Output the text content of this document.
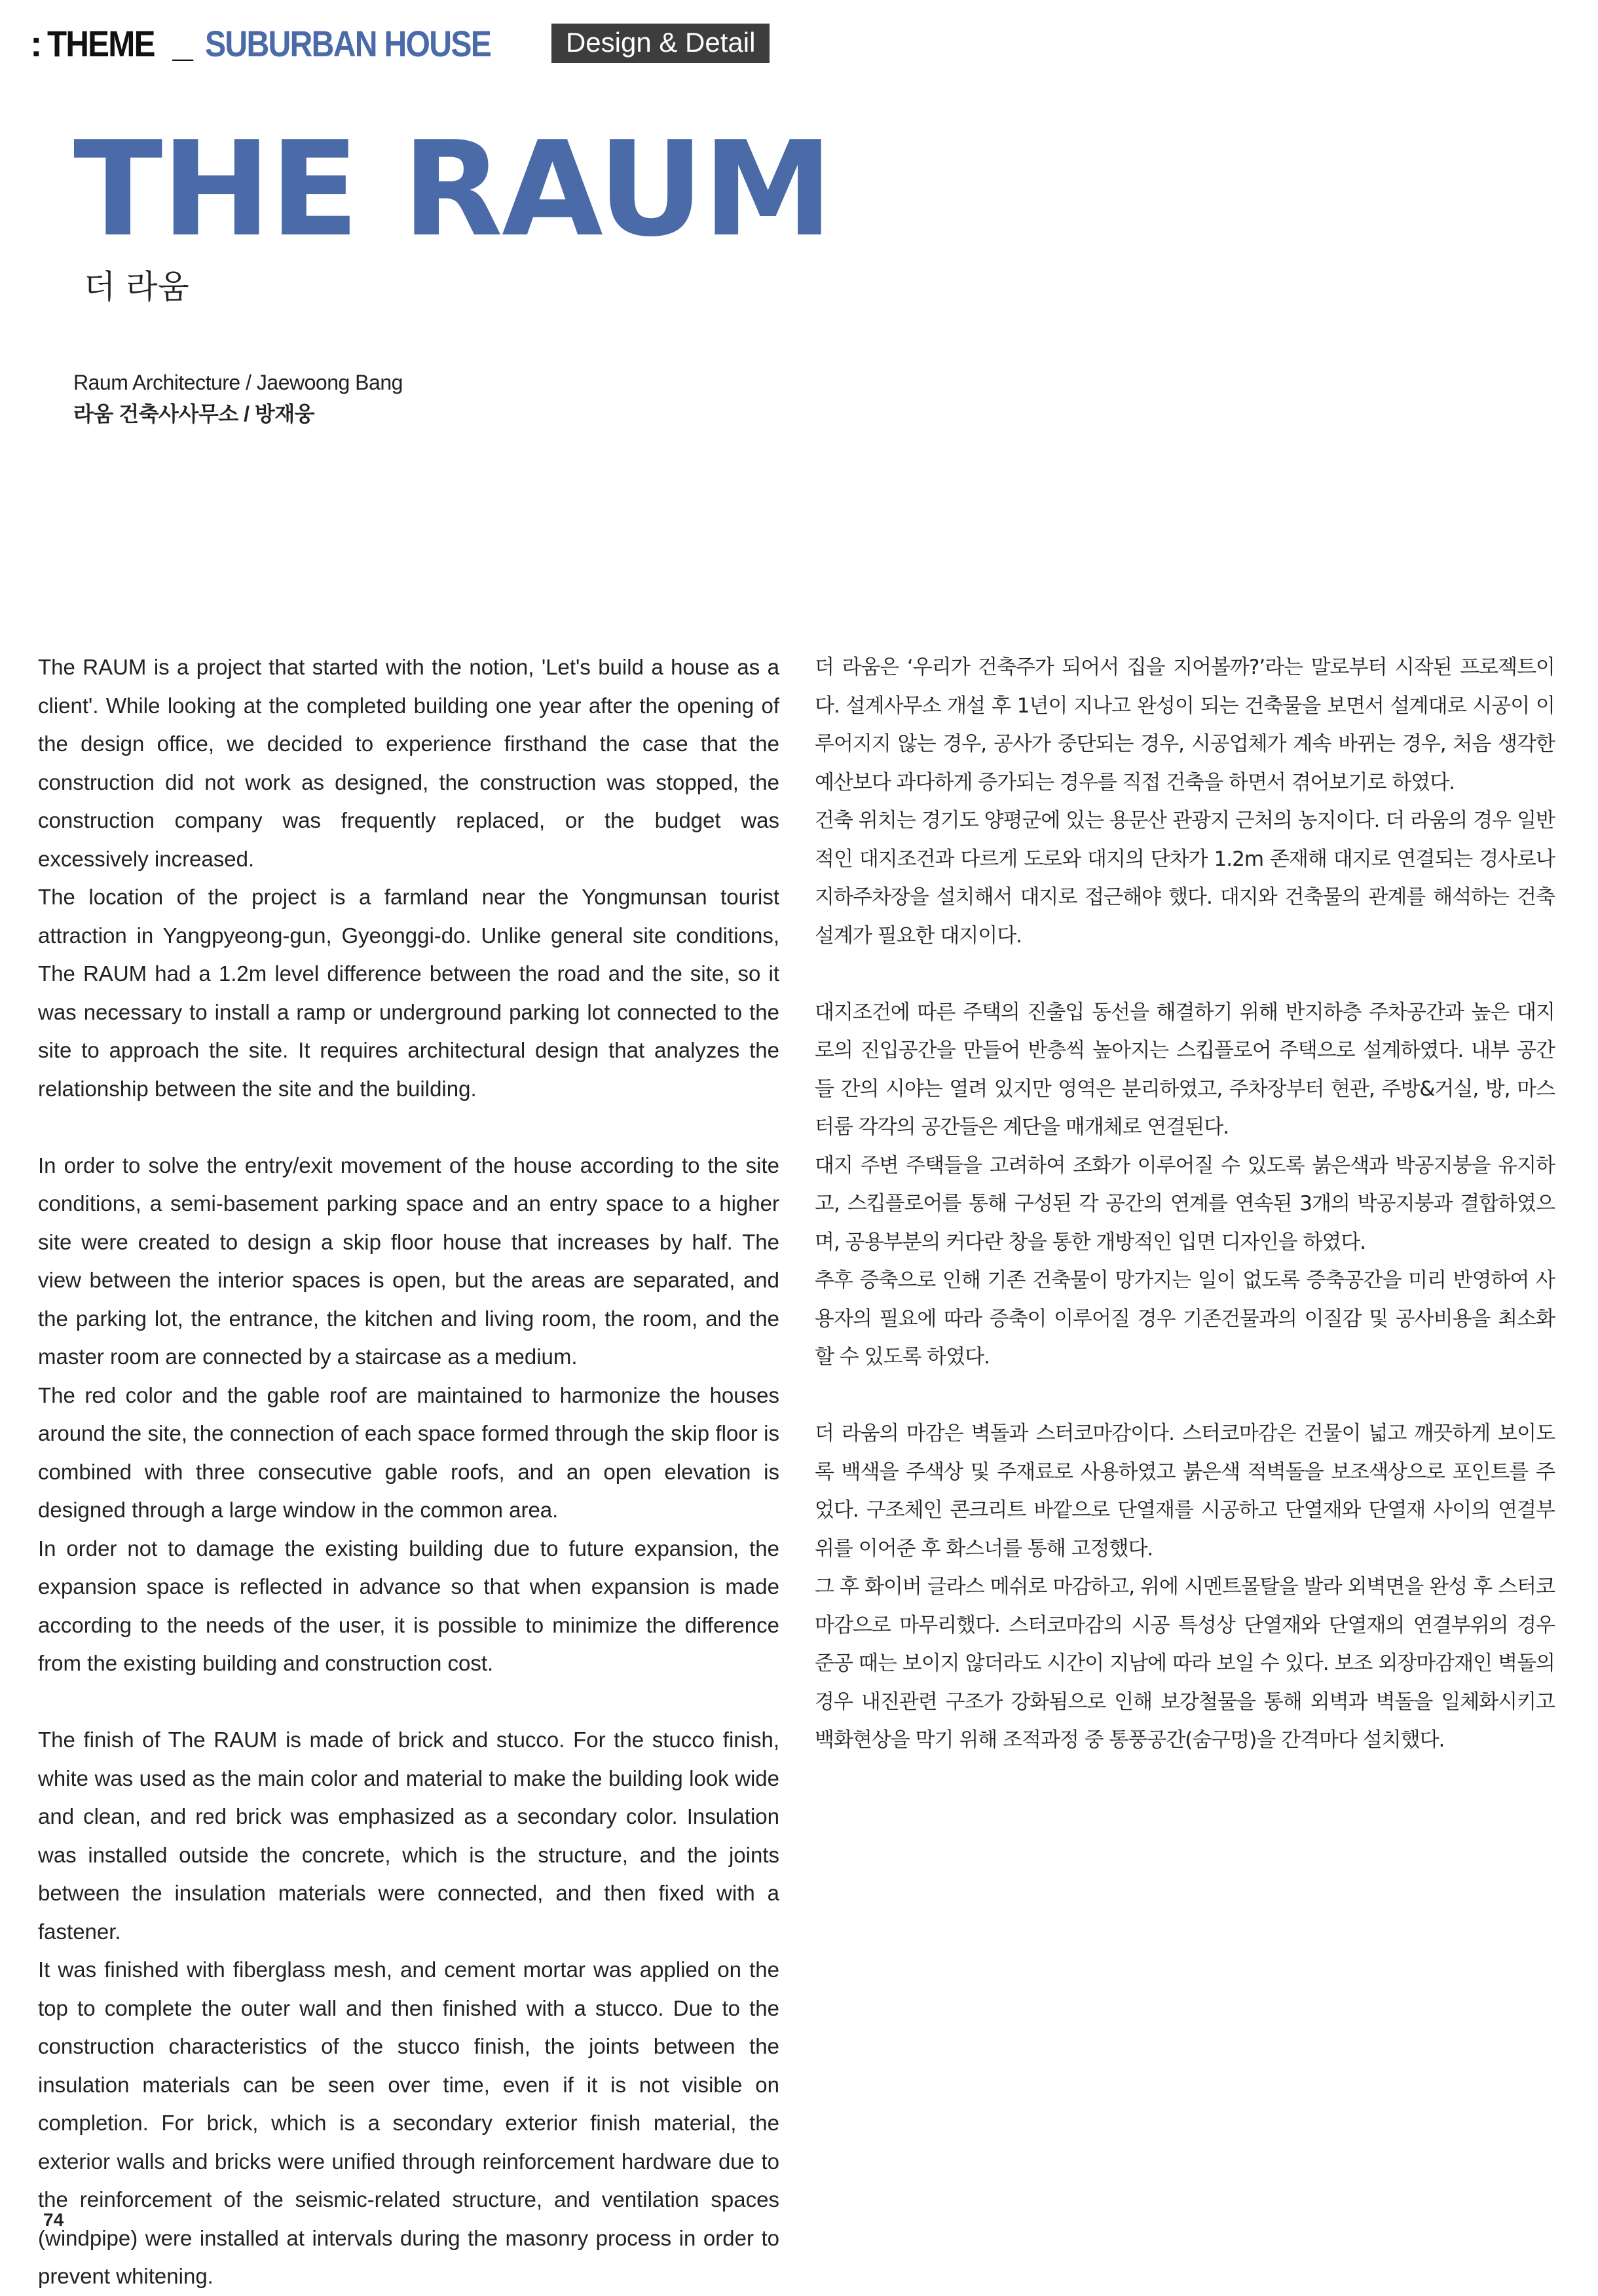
: THEME _ SUBURBAN HOUSE	Design & Detail
THE RAUM
더 라움
Raum Architecture / Jaewoong Bang
라움 건축사사무소 / 방재웅

The RAUM is a project that started with the notion, 'Let's build a house as a client'. While looking at the completed building one year after the opening of the design office, we decided to experience firsthand the case that the construction did not work as designed, the construction was stopped, the construction company was frequently replaced, or the budget was excessively increased.

The location of the project is a farmland near the Yongmunsan tourist attraction in Yangpyeong-gun, Gyeonggi-do. Unlike general site conditions, The RAUM had a 1.2m level difference between the road and the site, so it was necessary to install a ramp or underground parking lot connected to the site to approach the site. It requires architectural design that analyzes the relationship between the site and the building.

In order to solve the entry/exit movement of the house according to the site conditions, a semi-basement parking space and an entry space to a higher site were created to design a skip floor house that increases by half. The view between the interior spaces is open, but the areas are separated, and the parking lot, the entrance, the kitchen and living room, the room, and the master room are connected by a staircase as a medium.

The red color and the gable roof are maintained to harmonize the houses around the site, the connection of each space formed through the skip floor is combined with three consecutive gable roofs, and an open elevation is designed through a large window in the common area.

In order not to damage the existing building due to future expansion, the expansion space is reflected in advance so that when expansion is made according to the needs of the user, it is possible to minimize the difference from the existing building and construction cost.

The finish of The RAUM is made of brick and stucco. For the stucco finish, white was used as the main color and material to make the building look wide and clean, and red brick was emphasized as a secondary color. Insulation was installed outside the concrete, which is the structure, and the joints between the insulation materials were connected, and then fixed with a fastener.

It was finished with fiberglass mesh, and cement mortar was applied on the top to complete the outer wall and then finished with a stucco. Due to the construction characteristics of the stucco finish, the joints between the insulation materials can be seen over time, even if it is not visible on completion. For brick, which is a secondary exterior finish material, the exterior walls and bricks were unified through reinforcement hardware due to the reinforcement of the seismic-related structure, and ventilation spaces (windpipe) were installed at intervals during the masonry process in order to prevent whitening.

더 라움은 ‘우리가 건축주가 되어서 집을 지어볼까?’라는 말로부터 시작된 프로젝트이다. 설계사무소 개설 후 1년이 지나고 완성이 되는 건축물을 보면서 설계대로 시공이 이루어지지 않는 경우, 공사가 중단되는 경우, 시공업체가 계속 바뀌는 경우, 처음 생각한 예산보다 과다하게 증가되는 경우를 직접 건축을 하면서 겪어보기로 하였다.

건축 위치는 경기도 양평군에 있는 용문산 관광지 근처의 농지이다. 더 라움의 경우 일반적인 대지조건과 다르게 도로와 대지의 단차가 1.2m 존재해 대지로 연결되는 경사로나 지하주차장을 설치해서 대지로 접근해야 했다. 대지와 건축물의 관계를 해석하는 건축설계가 필요한 대지이다.

대지조건에 따른 주택의 진출입 동선을 해결하기 위해 반지하층 주차공간과 높은 대지로의 진입공간을 만들어 반층씩 높아지는 스킵플로어 주택으로 설계하였다. 내부 공간들 간의 시야는 열려 있지만 영역은 분리하였고, 주차장부터 현관, 주방&거실, 방, 마스터룸 각각의 공간들은 계단을 매개체로 연결된다.

대지 주변 주택들을 고려하여 조화가 이루어질 수 있도록 붉은색과 박공지붕을 유지하고, 스킵플로어를 통해 구성된 각 공간의 연계를 연속된 3개의 박공지붕과 결합하였으며, 공용부분의 커다란 창을 통한 개방적인 입면 디자인을 하였다.

추후 증축으로 인해 기존 건축물이 망가지는 일이 없도록 증축공간을 미리 반영하여 사용자의 필요에 따라 증축이 이루어질 경우 기존건물과의 이질감 및 공사비용을 최소화할 수 있도록 하였다.

더 라움의 마감은 벽돌과 스터코마감이다. 스터코마감은 건물이 넓고 깨끗하게 보이도록 백색을 주색상 및 주재료로 사용하였고 붉은색 적벽돌을 보조색상으로 포인트를 주었다. 구조체인 콘크리트 바깥으로 단열재를 시공하고 단열재와 단열재 사이의 연결부위를 이어준 후 화스너를 통해 고정했다.

그 후 화이버 글라스 메쉬로 마감하고, 위에 시멘트몰탈을 발라 외벽면을 완성 후 스터코마감으로 마무리했다. 스터코마감의 시공 특성상 단열재와 단열재의 연결부위의 경우 준공 때는 보이지 않더라도 시간이 지남에 따라 보일 수 있다. 보조 외장마감재인 벽돌의 경우 내진관련 구조가 강화됨으로 인해 보강철물을 통해 외벽과 벽돌을 일체화시키고 백화현상을 막기 위해 조적과정 중 통풍공간(숨구멍)을 간격마다 설치했다.

74
